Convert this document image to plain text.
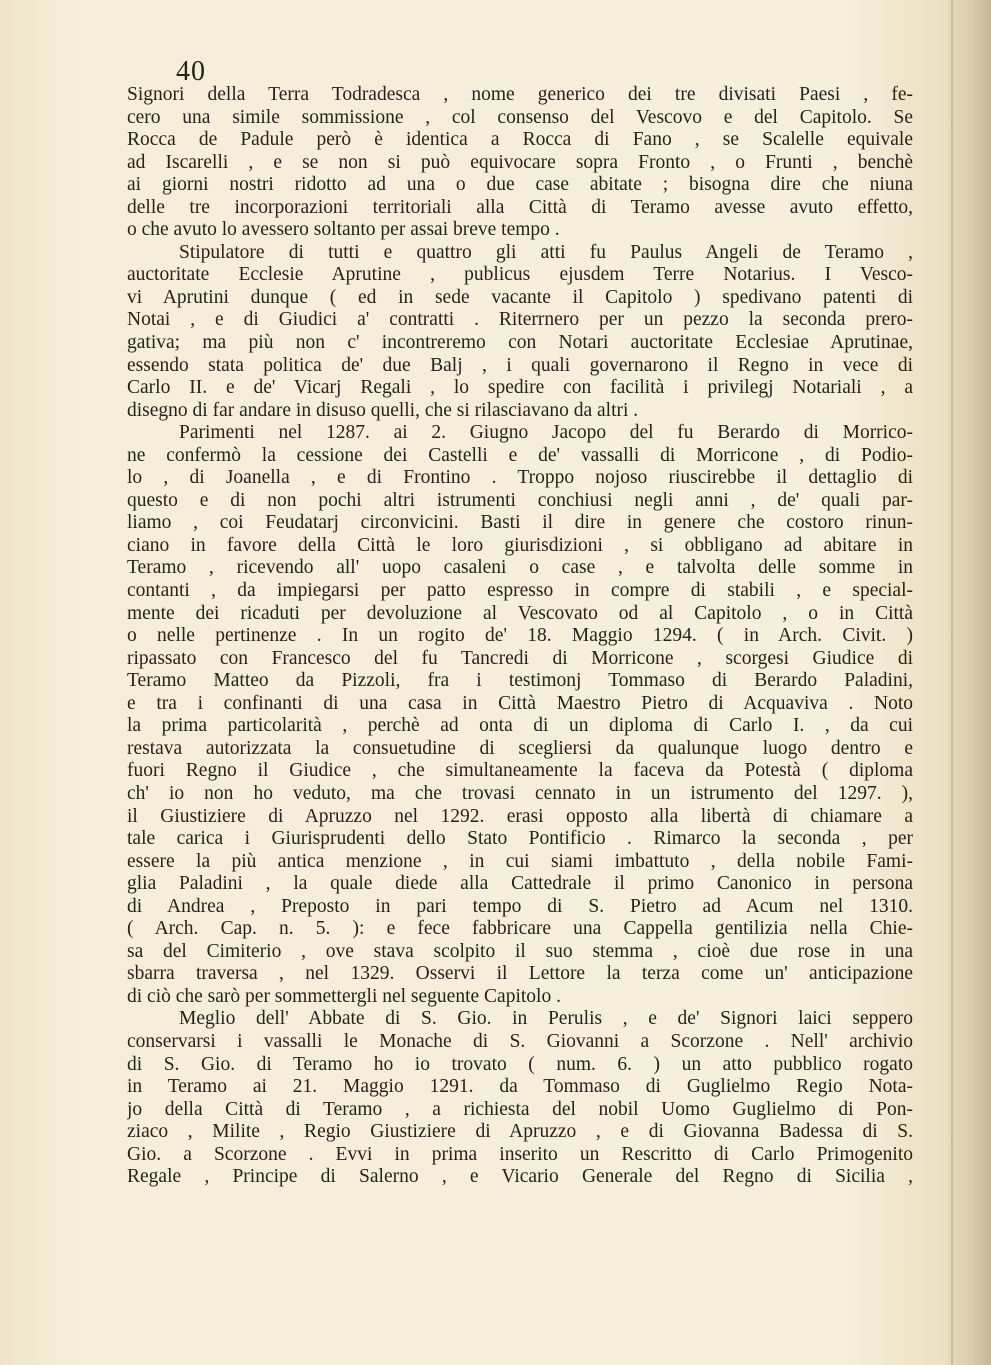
40
Signori della Terra Todradesca , nome generico dei tre divisati Paesi , fe-
cero una simile sommissione , col consenso del Vescovo e del Capitolo. Se
Rocca de Padule però è identica a Rocca di Fano , se Scalelle equivale
ad Iscarelli , e se non si può equivocare sopra Fronto , o Frunti , benchè
ai giorni nostri ridotto ad una o due case abitate ; bisogna dire che niuna
delle tre incorporazioni territoriali alla Città di Teramo avesse avuto effetto,
o che avuto lo avessero soltanto per assai breve tempo .
Stipulatore di tutti e quattro gli atti fu Paulus Angeli de Teramo ,
auctoritate Ecclesie Aprutine , publicus ejusdem Terre Notarius. I Vesco-
vi Aprutini dunque ( ed in sede vacante il Capitolo ) spedivano patenti di
Notai , e di Giudici a' contratti . Riterrnero per un pezzo la seconda prero-
gativa; ma più non c' incontreremo con Notari auctoritate Ecclesiae Aprutinae,
essendo stata politica de' due Balj , i quali governarono il Regno in vece di
Carlo II. e de' Vicarj Regali , lo spedire con facilità i privilegj Notariali , a
disegno di far andare in disuso quelli, che si rilasciavano da altri .
Parimenti nel 1287. ai 2. Giugno Jacopo del fu Berardo di Morrico-
ne confermò la cessione dei Castelli e de' vassalli di Morricone , di Podio-
lo , di Joanella , e di Frontino . Troppo nojoso riuscirebbe il dettaglio di
questo e di non pochi altri istrumenti conchiusi negli anni , de' quali par-
liamo , coi Feudatarj circonvicini. Basti il dire in genere che costoro rinun-
ciano in favore della Città le loro giurisdizioni , si obbligano ad abitare in
Teramo , ricevendo all' uopo casaleni o case , e talvolta delle somme in
contanti , da impiegarsi per patto espresso in compre di stabili , e special-
mente dei ricaduti per devoluzione al Vescovato od al Capitolo , o in Città
o nelle pertinenze . In un rogito de' 18. Maggio 1294. ( in Arch. Civit. )
ripassato con Francesco del fu Tancredi di Morricone , scorgesi Giudice di
Teramo Matteo da Pizzoli, fra i testimonj Tommaso di Berardo Paladini,
e tra i confinanti di una casa in Città Maestro Pietro di Acquaviva . Noto
la prima particolarità , perchè ad onta di un diploma di Carlo I. , da cui
restava autorizzata la consuetudine di scegliersi da qualunque luogo dentro e
fuori Regno il Giudice , che simultaneamente la faceva da Potestà ( diploma
ch' io non ho veduto, ma che trovasi cennato in un istrumento del 1297. ),
il Giustiziere di Apruzzo nel 1292. erasi opposto alla libertà di chiamare a
tale carica i Giurisprudenti dello Stato Pontificio . Rimarco la seconda , per
essere la più antica menzione , in cui siami imbattuto , della nobile Fami-
glia Paladini , la quale diede alla Cattedrale il primo Canonico in persona
di Andrea , Preposto in pari tempo di S. Pietro ad Acum nel 1310.
( Arch. Cap. n. 5. ): e fece fabbricare una Cappella gentilizia nella Chie-
sa del Cimiterio , ove stava scolpito il suo stemma , cioè due rose in una
sbarra traversa , nel 1329. Osservi il Lettore la terza come un' anticipazione
di ciò che sarò per sommettergli nel seguente Capitolo .
Meglio dell' Abbate di S. Gio. in Perulis , e de' Signori laici seppero
conservarsi i vassalli le Monache di S. Giovanni a Scorzone . Nell' archivio
di S. Gio. di Teramo ho io trovato ( num. 6. ) un atto pubblico rogato
in Teramo ai 21. Maggio 1291. da Tommaso di Guglielmo Regio Nota-
jo della Città di Teramo , a richiesta del nobil Uomo Guglielmo di Pon-
ziaco , Milite , Regio Giustiziere di Apruzzo , e di Giovanna Badessa di S.
Gio. a Scorzone . Evvi in prima inserito un Rescritto di Carlo Primogenito
Regale , Principe di Salerno , e Vicario Generale del Regno di Sicilia ,
